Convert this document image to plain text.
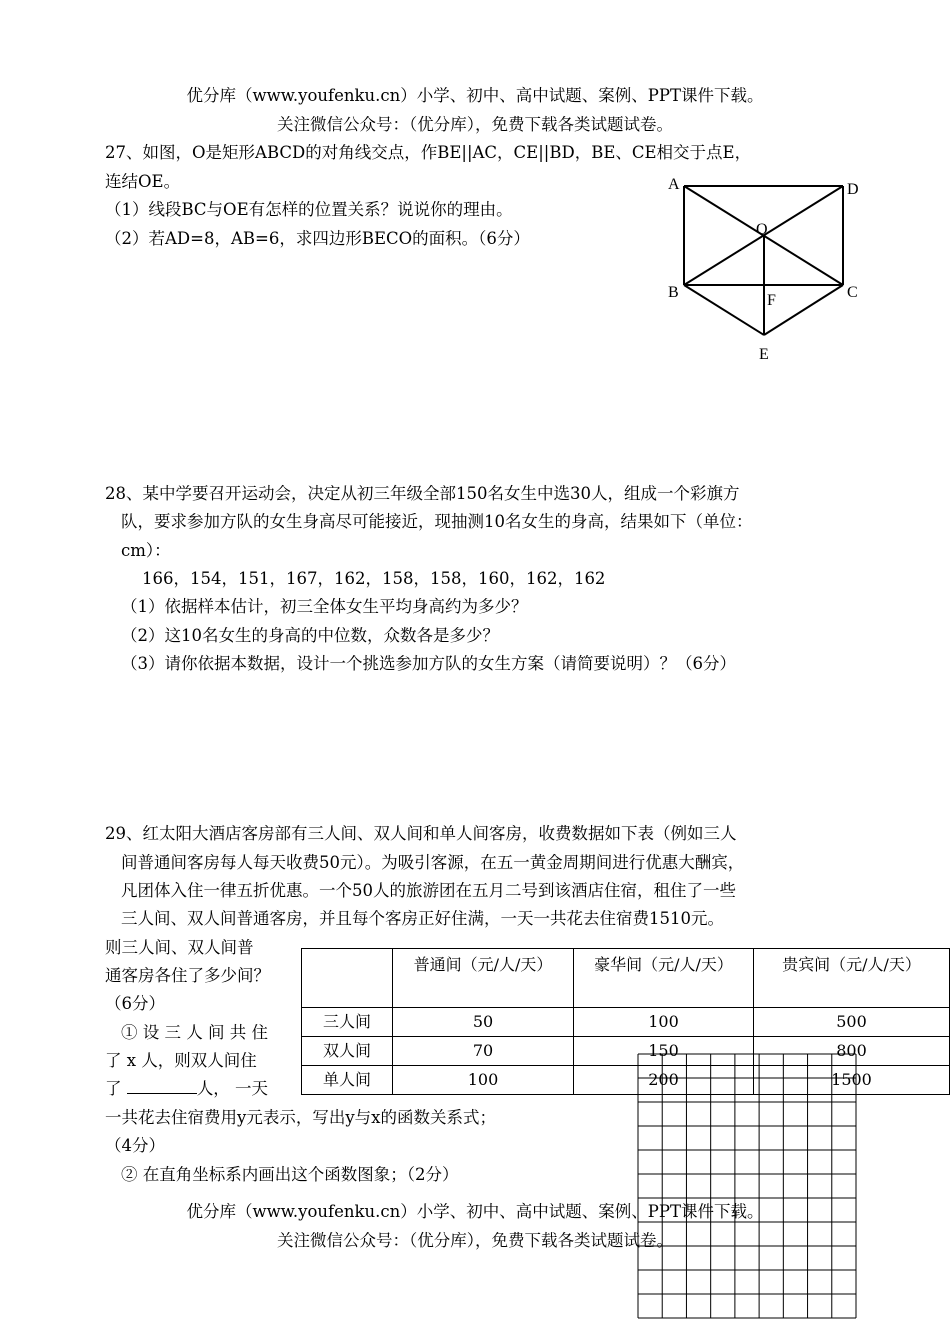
优分库（www.youfenku.cn）小学、初中、高中试题、案例、PPT课件下载。
关注微信公众号：（优分库），免费下载各类试题试卷。
27、如图，O是矩形ABCD的对角线交点，作BE||AC，CE||BD，BE、CE相交于点E，
连结OE。
（1）线段BC与OE有怎样的位置关系？说说你的理由。
（2）若AD=8，AB=6，求四边形BECO的面积。（6分）
A	D
O
B	F	C
E
28、某中学要召开运动会，决定从初三年级全部150名女生中选30人，组成一个彩旗方
队，要求参加方队的女生身高尽可能接近，现抽测10名女生的身高，结果如下（单位：
cm）：
166，154，151，167，162，158，158，160，162，162
（1）依据样本估计，初三全体女生平均身高约为多少？
（2）这10名女生的身高的中位数，众数各是多少？
（3）请你依据本数据，设计一个挑选参加方队的女生方案（请简要说明）？（6分）
29、红太阳大酒店客房部有三人间、双人间和单人间客房，收费数据如下表（例如三人
间普通间客房每人每天收费50元）。为吸引客源，在五一黄金周期间进行优惠大酬宾，
凡团体入住一律五折优惠。一个50人的旅游团在五月二号到该酒店住宿，租住了一些
三人间、双人间普通客房，并且每个客房正好住满，一天一共花去住宿费1510元。
则三人间、双人间普
通客房各住了多少间？
（6分）
① 设 三 人 间 共 住
了 x 人，则双人间住
了	人， 一天
一共花去住宿费用y元表示，写出y与x的函数关系式；
（4分）
② 在直角坐标系内画出这个函数图象；（2分）
	普通间（元/人/天）	豪华间（元/人/天）	贵宾间（元/人/天）
三人间	50	100	500
双人间	70	150	800
单人间	100	200	1500
优分库（www.youfenku.cn）小学、初中、高中试题、案例、PPT课件下载。
关注微信公众号：（优分库），免费下载各类试题试卷。
